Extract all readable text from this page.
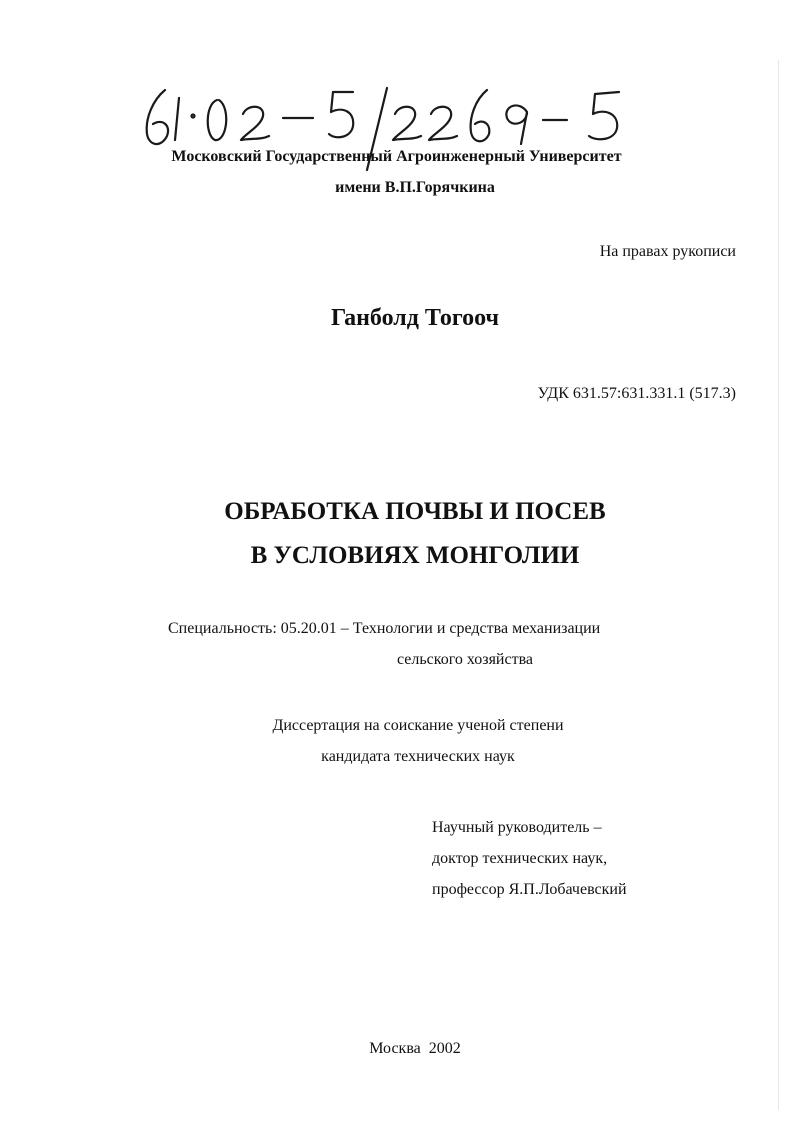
Московский Государственный Агроинженерный Университет

имени В.П.Горячкина

На правах рукописи

Ганболд Тогооч

УДК 631.57:631.331.1 (517.3)

ОБРАБОТКА ПОЧВЫ И ПОСЕВ
В УСЛОВИЯХ МОНГОЛИИ

Специальность: 05.20.01 – Технологии и средства механизации

сельского хозяйства

Диссертация на соискание ученой степени

кандидата технических наук

Научный руководитель –
доктор технических наук,
профессор Я.П.Лобачевский

Москва  2002
